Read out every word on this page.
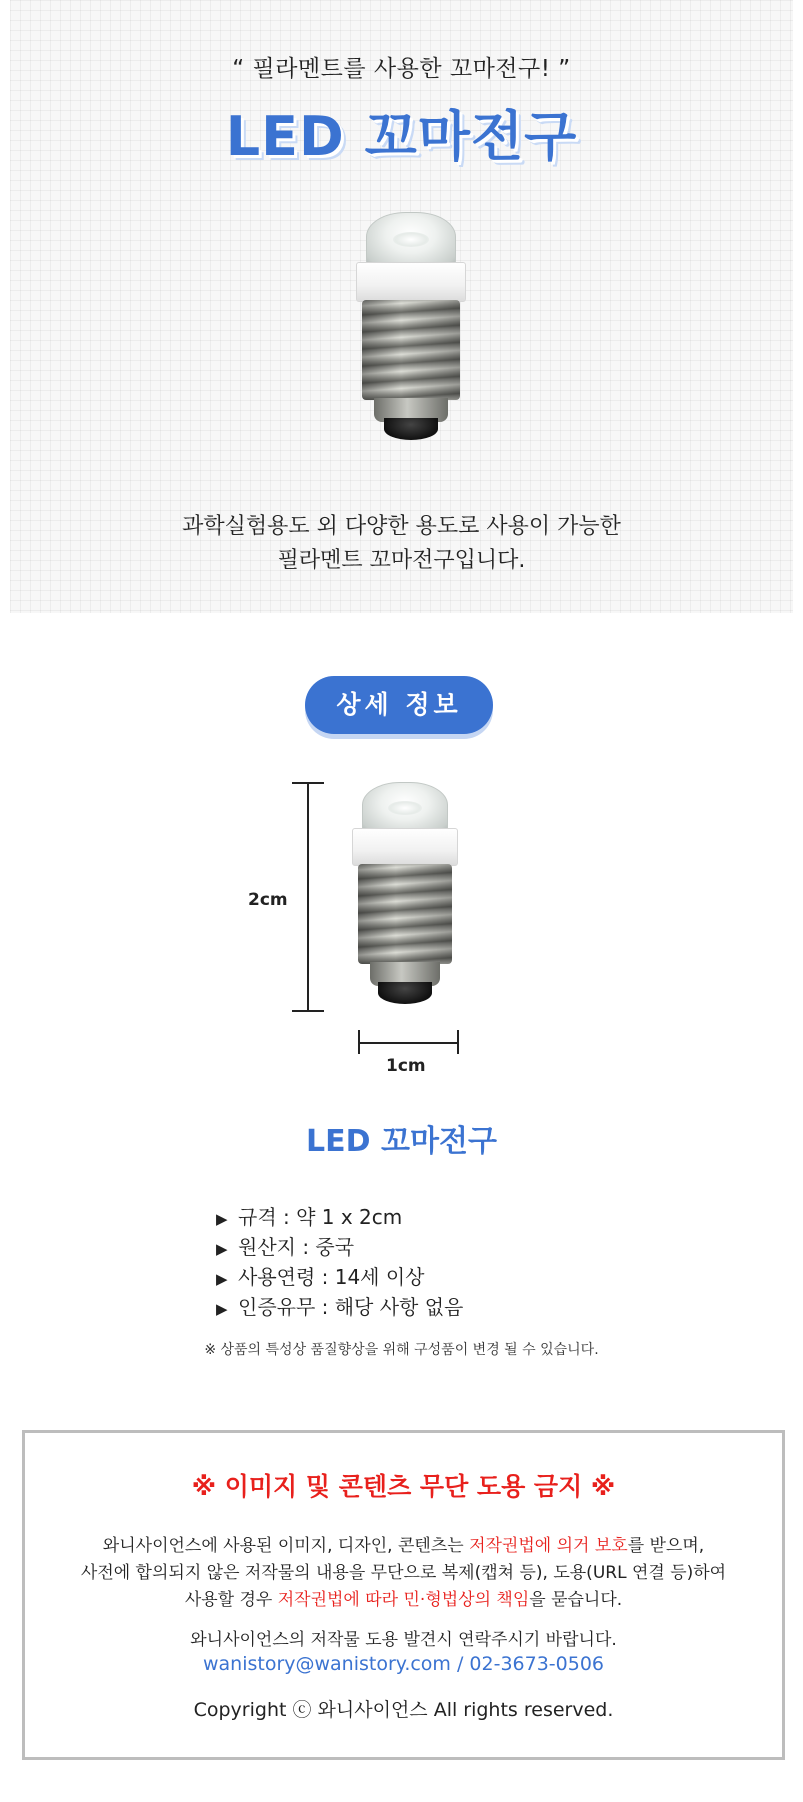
“ 필라멘트를 사용한 꼬마전구! ”
LED 꼬마전구
과학실험용도 외 다양한 용도로 사용이 가능한
필라멘트 꼬마전구입니다.
상세 정보
2cm
1cm
LED 꼬마전구
▶ 규격 : 약 1 x 2cm
▶ 원산지 : 중국
▶ 사용연령 : 14세 이상
▶ 인증유무 : 해당 사항 없음
※ 상품의 특성상 품질향상을 위해 구성품이 변경 될 수 있습니다.
※ 이미지 및 콘텐츠 무단 도용 금지 ※
와니사이언스에 사용된 이미지, 디자인, 콘텐츠는 저작권법에 의거 보호를 받으며,
사전에 합의되지 않은 저작물의 내용을 무단으로 복제(캡쳐 등), 도용(URL 연결 등)하여
사용할 경우 저작권법에 따라 민·형법상의 책임을 묻습니다.
와니사이언스의 저작물 도용 발견시 연락주시기 바랍니다.
wanistory@wanistory.com / 02-3673-0506
Copyright ⓒ 와니사이언스 All rights reserved.
